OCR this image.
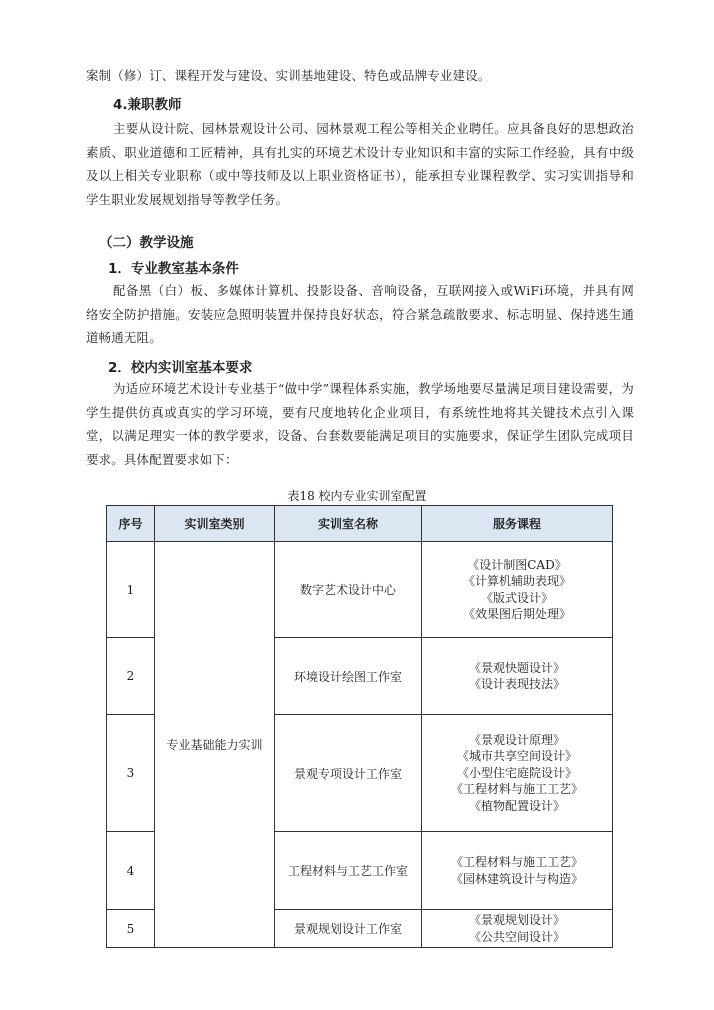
案制（修）订、课程开发与建设、实训基地建设、特色或品牌专业建设。

4.兼职教师

主要从设计院、园林景观设计公司、园林景观工程公等相关企业聘任。应具备良好的思想政治素质、职业道德和工匠精神，具有扎实的环境艺术设计专业知识和丰富的实际工作经验，具有中级及以上相关专业职称（或中等技师及以上职业资格证书），能承担专业课程教学、实习实训指导和学生职业发展规划指导等教学任务。

（二）教学设施

1．专业教室基本条件

配备黑（白）板、多媒体计算机、投影设备、音响设备，互联网接入或WiFi环境，并具有网络安全防护措施。安装应急照明装置并保持良好状态，符合紧急疏散要求、标志明显、保持逃生通道畅通无阻。

2．校内实训室基本要求

为适应环境艺术设计专业基于“做中学”课程体系实施，教学场地要尽量满足项目建设需要，为学生提供仿真或真实的学习环境，要有尺度地转化企业项目，有系统性地将其关键技术点引入课堂，以满足理实一体的教学要求，设备、台套数要能满足项目的实施要求，保证学生团队完成项目要求。具体配置要求如下：

表18 校内专业实训室配置

序号	实训室类别	实训室名称	服务课程
1	专业基础能力实训	数字艺术设计中心	《设计制图CAD》
《计算机辅助表现》
《版式设计》
《效果图后期处理》

2		环境设计绘图工作室	《景观快题设计》
《设计表现技法》

3		景观专项设计工作室	《景观设计原理》
《城市共享空间设计》
《小型住宅庭院设计》
《工程材料与施工工艺》
《植物配置设计》

4		工程材料与工艺工作室	《工程材料与施工工艺》
《园林建筑设计与构造》

5		景观规划设计工作室	《景观规划设计》
《公共空间设计》
